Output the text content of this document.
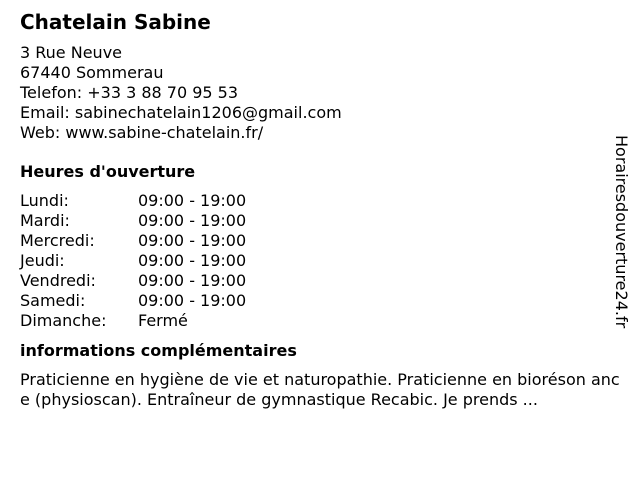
Chatelain Sabine
3 Rue Neuve
67440 Sommerau
Telefon: +33 3 88 70 95 53
Email: sabinechatelain1206@gmail.com
Web: www.sabine-chatelain.fr/
Heures d'ouverture
Lundi:	09:00 - 19:00
Mardi:	09:00 - 19:00
Mercredi:	09:00 - 19:00
Jeudi:	09:00 - 19:00
Vendredi:	09:00 - 19:00
Samedi:	09:00 - 19:00
Dimanche:	Fermé
informations complémentaires
Praticienne en hygiène de vie et naturopathie. Praticienne en bioréson ance (physioscan). Entraîneur de gymnastique Recabic. Je prends ...
Horairesdouverture24.fr
